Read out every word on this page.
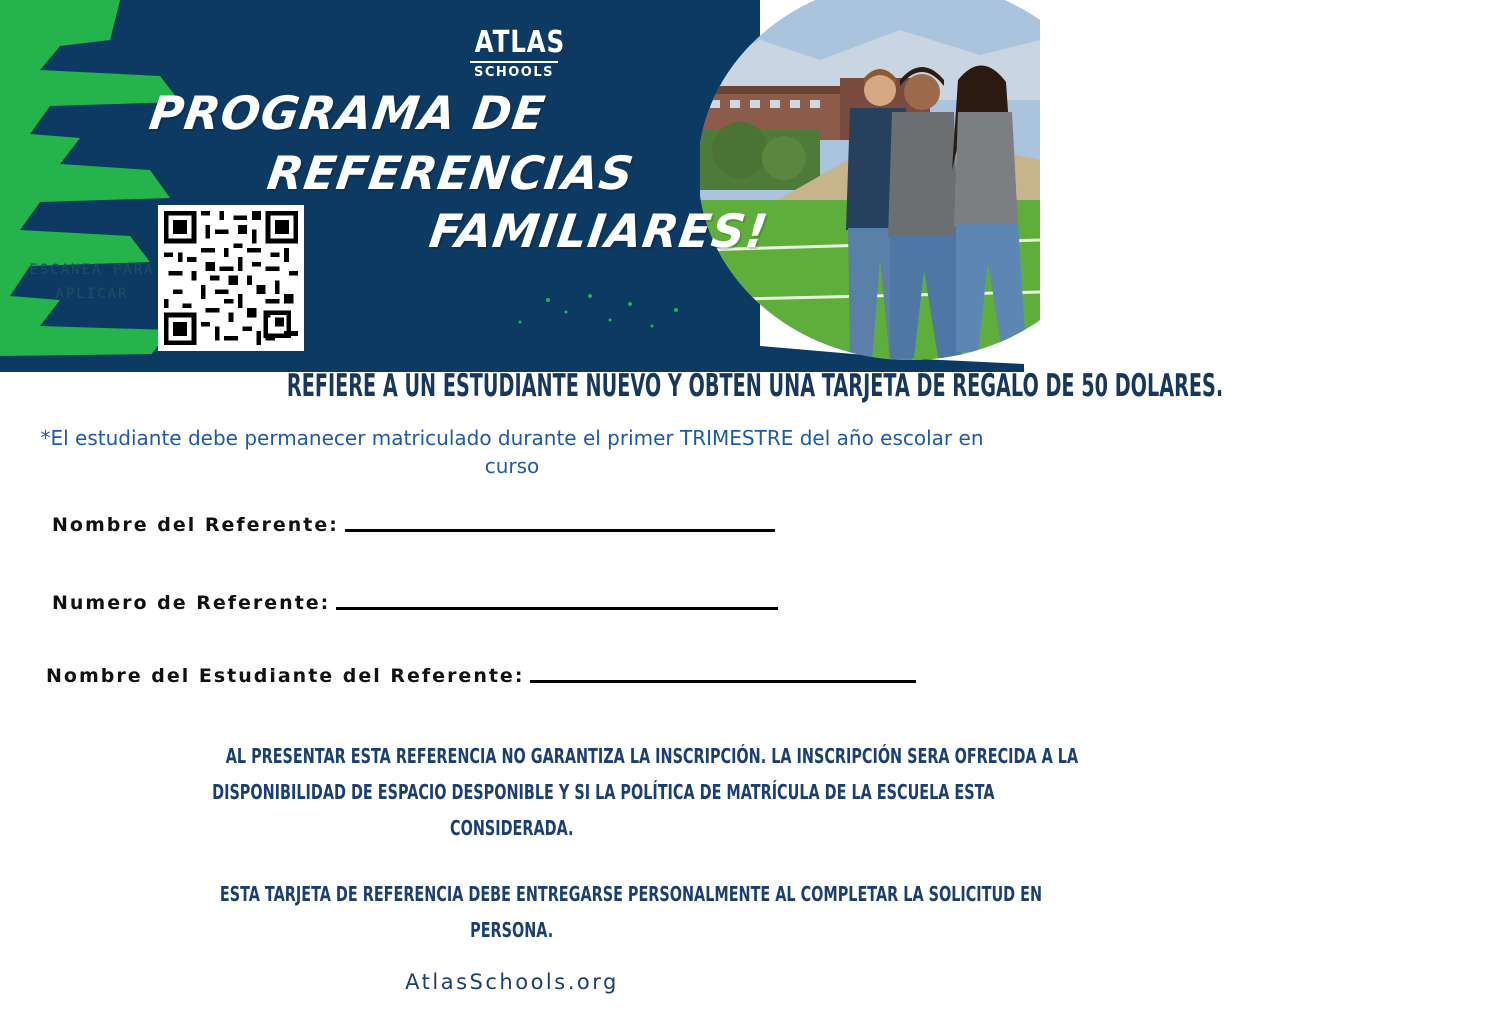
ATLAS
SCHOOLS
PROGRAMA DE
REFERENCIAS
FAMILIARES!
ESCANEA PARA
APLICAR
REFIERE A UN ESTUDIANTE NUEVO Y OBTEN UNA TARJETA DE REGALO DE 50 DOLARES.
*El estudiante debe permanecer matriculado durante el primer TRIMESTRE del año escolar en curso
Nombre del Referente:
Numero de Referente:
Nombre del Estudiante del Referente:
AL PRESENTAR ESTA REFERENCIA NO GARANTIZA LA INSCRIPCIÓN. LA INSCRIPCIÓN SERA OFRECIDA A LA
DISPONIBILIDAD DE ESPACIO DESPONIBLE Y SI LA POLÍTICA DE MATRÍCULA DE LA ESCUELA ESTA
CONSIDERADA.
ESTA TARJETA DE REFERENCIA DEBE ENTREGARSE PERSONALMENTE AL COMPLETAR LA SOLICITUD EN
PERSONA.
AtlasSchools.org
